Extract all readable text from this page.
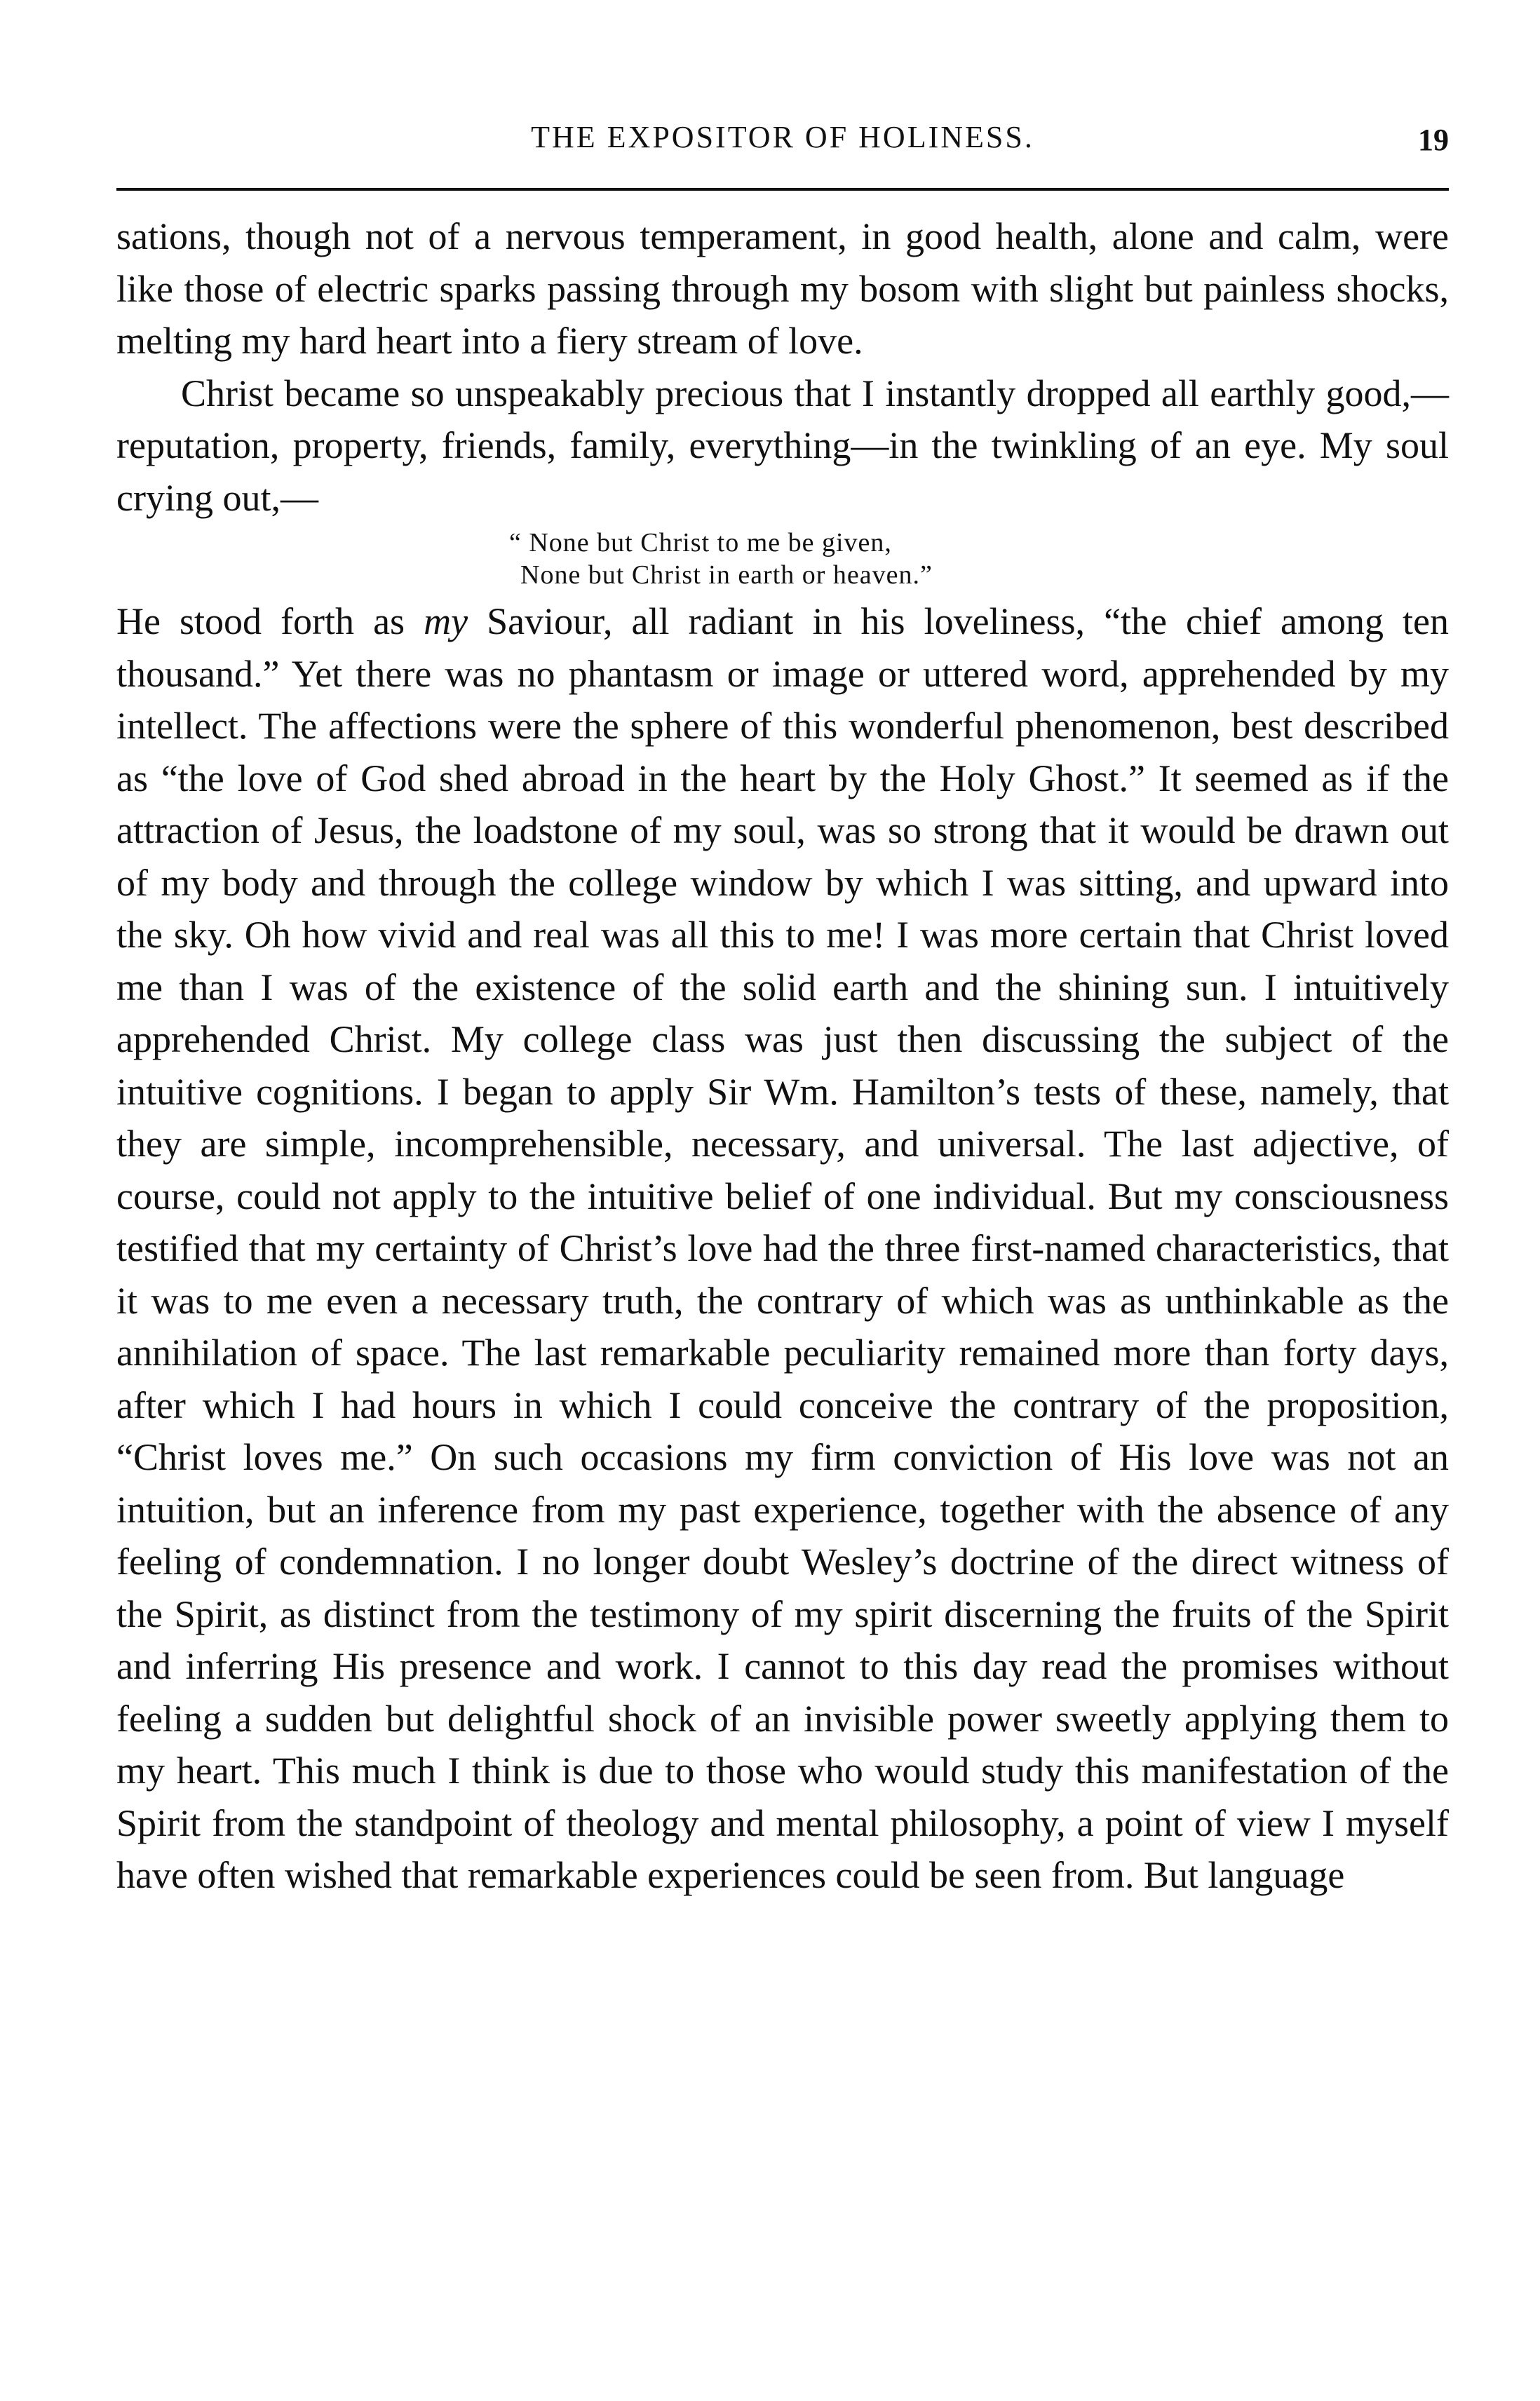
THE EXPOSITOR OF HOLINESS.	19

sations, though not of a nervous temperament, in good health, alone and calm, were like those of electric sparks passing through my bosom with slight but painless shocks, melting my hard heart into a fiery stream of love.

Christ became so unspeakably precious that I instantly dropped all earthly good,—reputation, property, friends, family, everything—in the twinkling of an eye. My soul crying out,—

“ None but Christ to me be given,
None but Christ in earth or heaven.”

He stood forth as my Saviour, all radiant in his loveliness, “the chief among ten thousand.” Yet there was no phantasm or image or uttered word, apprehended by my intellect. The affections were the sphere of this wonderful phenomenon, best described as “the love of God shed abroad in the heart by the Holy Ghost.” It seemed as if the attraction of Jesus, the loadstone of my soul, was so strong that it would be drawn out of my body and through the college window by which I was sitting, and upward into the sky. Oh how vivid and real was all this to me! I was more certain that Christ loved me than I was of the existence of the solid earth and the shining sun. I intuitively apprehended Christ. My college class was just then discussing the subject of the intuitive cognitions. I began to apply Sir Wm. Hamilton’s tests of these, namely, that they are simple, incomprehensible, necessary, and universal. The last adjective, of course, could not apply to the intuitive belief of one individual. But my consciousness testified that my certainty of Christ’s love had the three first-named characteristics, that it was to me even a necessary truth, the contrary of which was as unthinkable as the annihilation of space. The last remarkable peculiarity remained more than forty days, after which I had hours in which I could conceive the contrary of the proposition, “Christ loves me.” On such occasions my firm conviction of His love was not an intuition, but an inference from my past experience, together with the absence of any feeling of condemnation. I no longer doubt Wesley’s doctrine of the direct witness of the Spirit, as distinct from the testimony of my spirit discerning the fruits of the Spirit and inferring His presence and work. I cannot to this day read the promises without feeling a sudden but delightful shock of an invisible power sweetly applying them to my heart. This much I think is due to those who would study this manifestation of the Spirit from the standpoint of theology and mental philosophy, a point of view I myself have often wished that remarkable experiences could be seen from. But language
